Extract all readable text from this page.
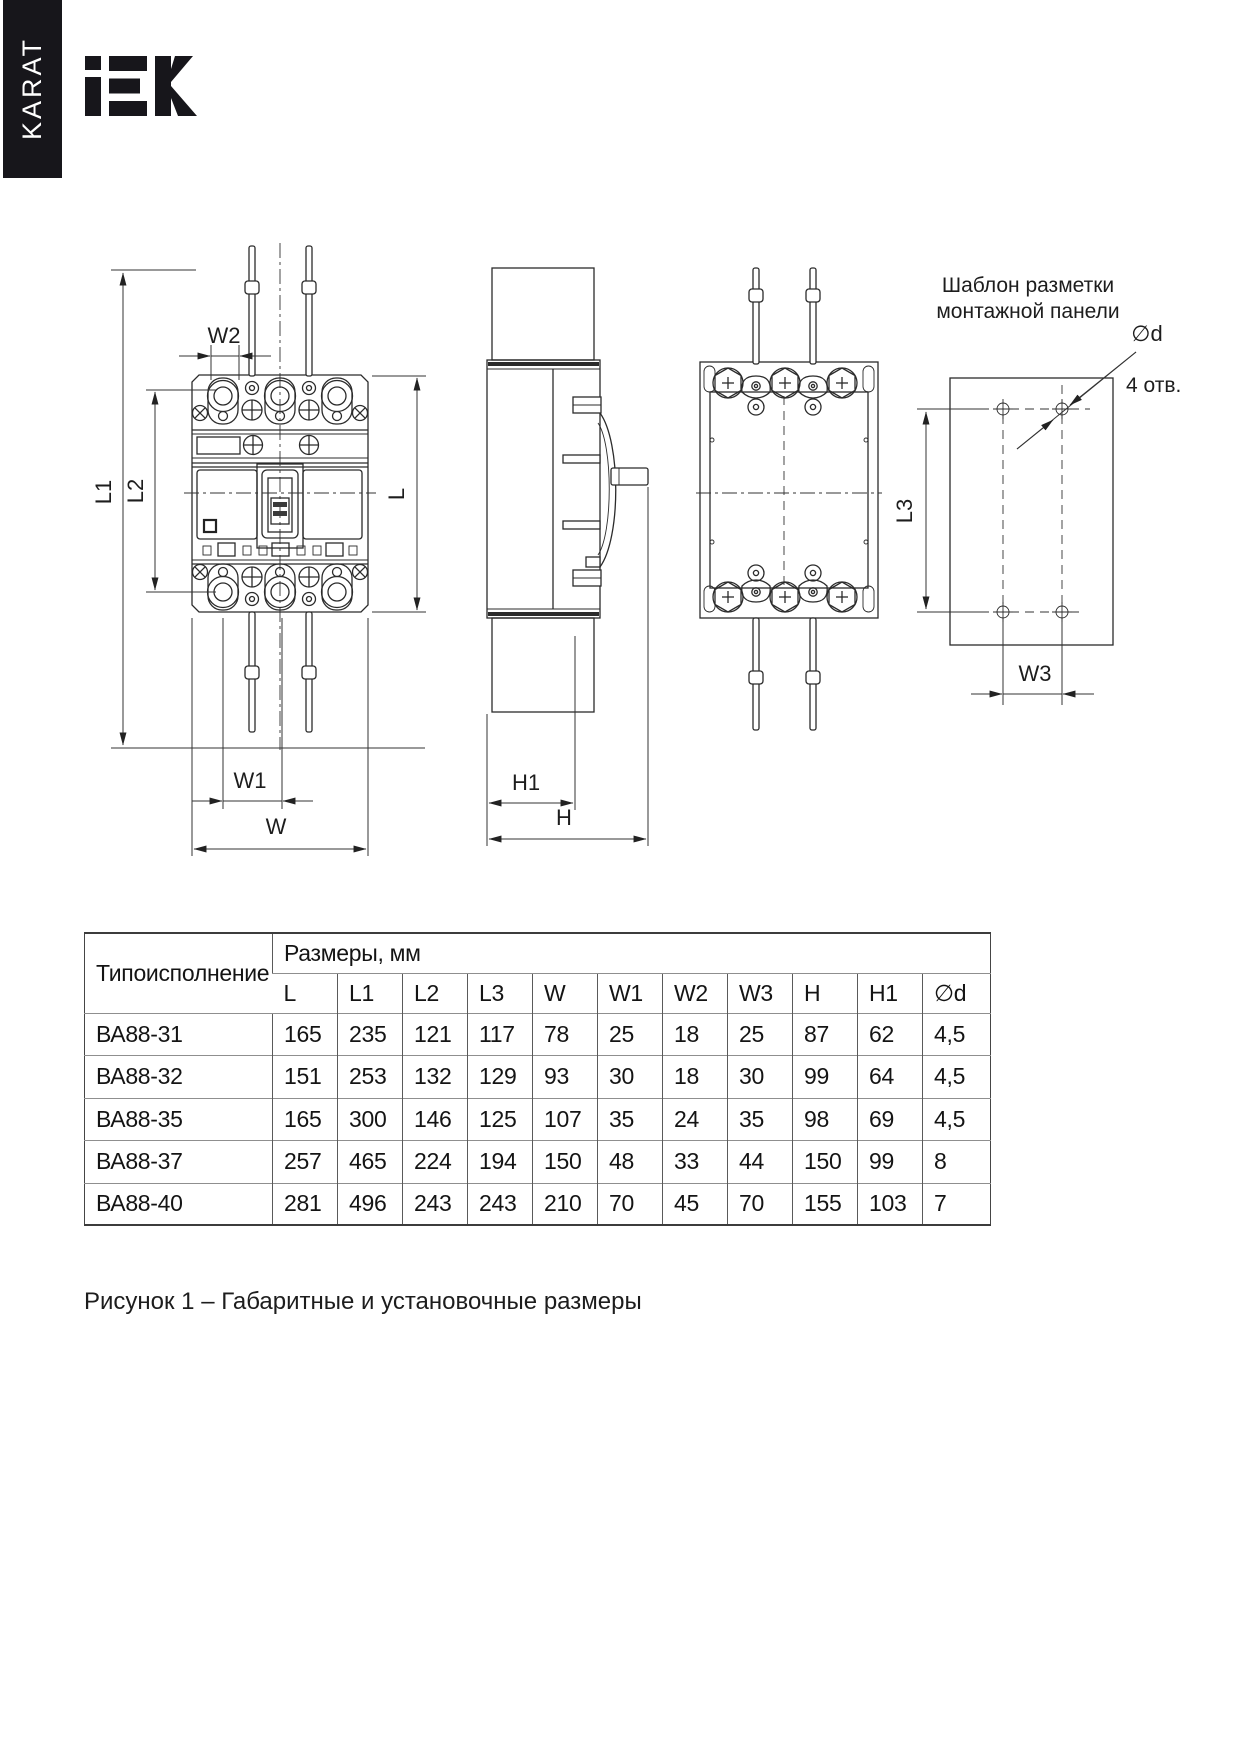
KARAT
L1 L2	L
W2
W1
W
H1
H
Шаблон разметки
монтажной панели
L3
W3
∅d
4 отв.
Типоисполнение	Размеры, мм										
	L	L1	L2	L3	W	W1	W2	W3	H	H1	∅d
ВА88-31	165	235	121	117	78	25	18	25	87	62	4,5
ВА88-32	151	253	132	129	93	30	18	30	99	64	4,5
ВА88-35	165	300	146	125	107	35	24	35	98	69	4,5
ВА88-37	257	465	224	194	150	48	33	44	150	99	8
ВА88-40	281	496	243	243	210	70	45	70	155	103	7
Рисунок 1 – Габаритные и установочные размеры
